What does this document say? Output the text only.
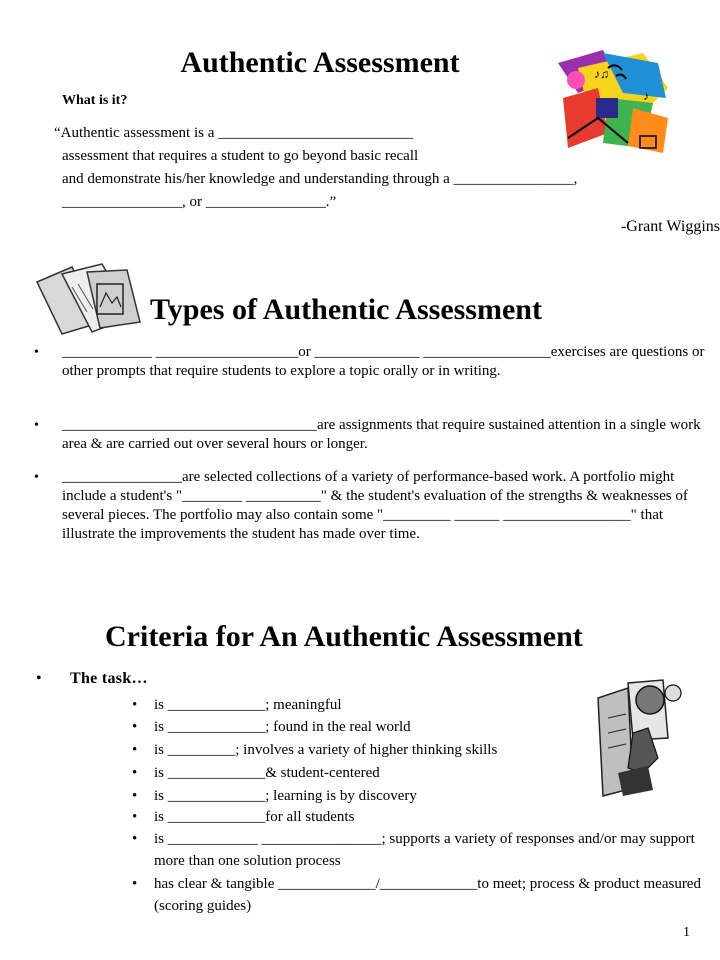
Authentic Assessment
What is it?
“Authentic assessment is a __________________________
assessment that requires a student to go beyond basic recall
and demonstrate his/her knowledge and understanding through a ________________,
________________, or ________________.”
-Grant Wiggins
♪♫
♪
Types of Authentic Assessment
• ____________ ___________________or ______________ _________________exercises are questions or other prompts that require students to explore a topic orally or in writing.
• __________________________________are assignments that require sustained attention in a single work area & are carried out over several hours or longer.
• ________________are selected collections of a variety of performance-based work. A portfolio might include a student's "________ __________" & the student's evaluation of the strengths & weaknesses of several pieces. The portfolio may also contain some "_________ ______ _________________" that illustrate the improvements the student has made over time.
Criteria for An Authentic Assessment
• The task…
• is _____________; meaningful
• is _____________; found in the real world
• is _________; involves a variety of higher thinking skills
• is _____________& student-centered
• is _____________; learning is by discovery
• is _____________for all students
• is ____________ ________________; supports a variety of responses and/or may support more than one solution process
• has clear & tangible _____________/_____________to meet; process & product measured (scoring guides)
1
